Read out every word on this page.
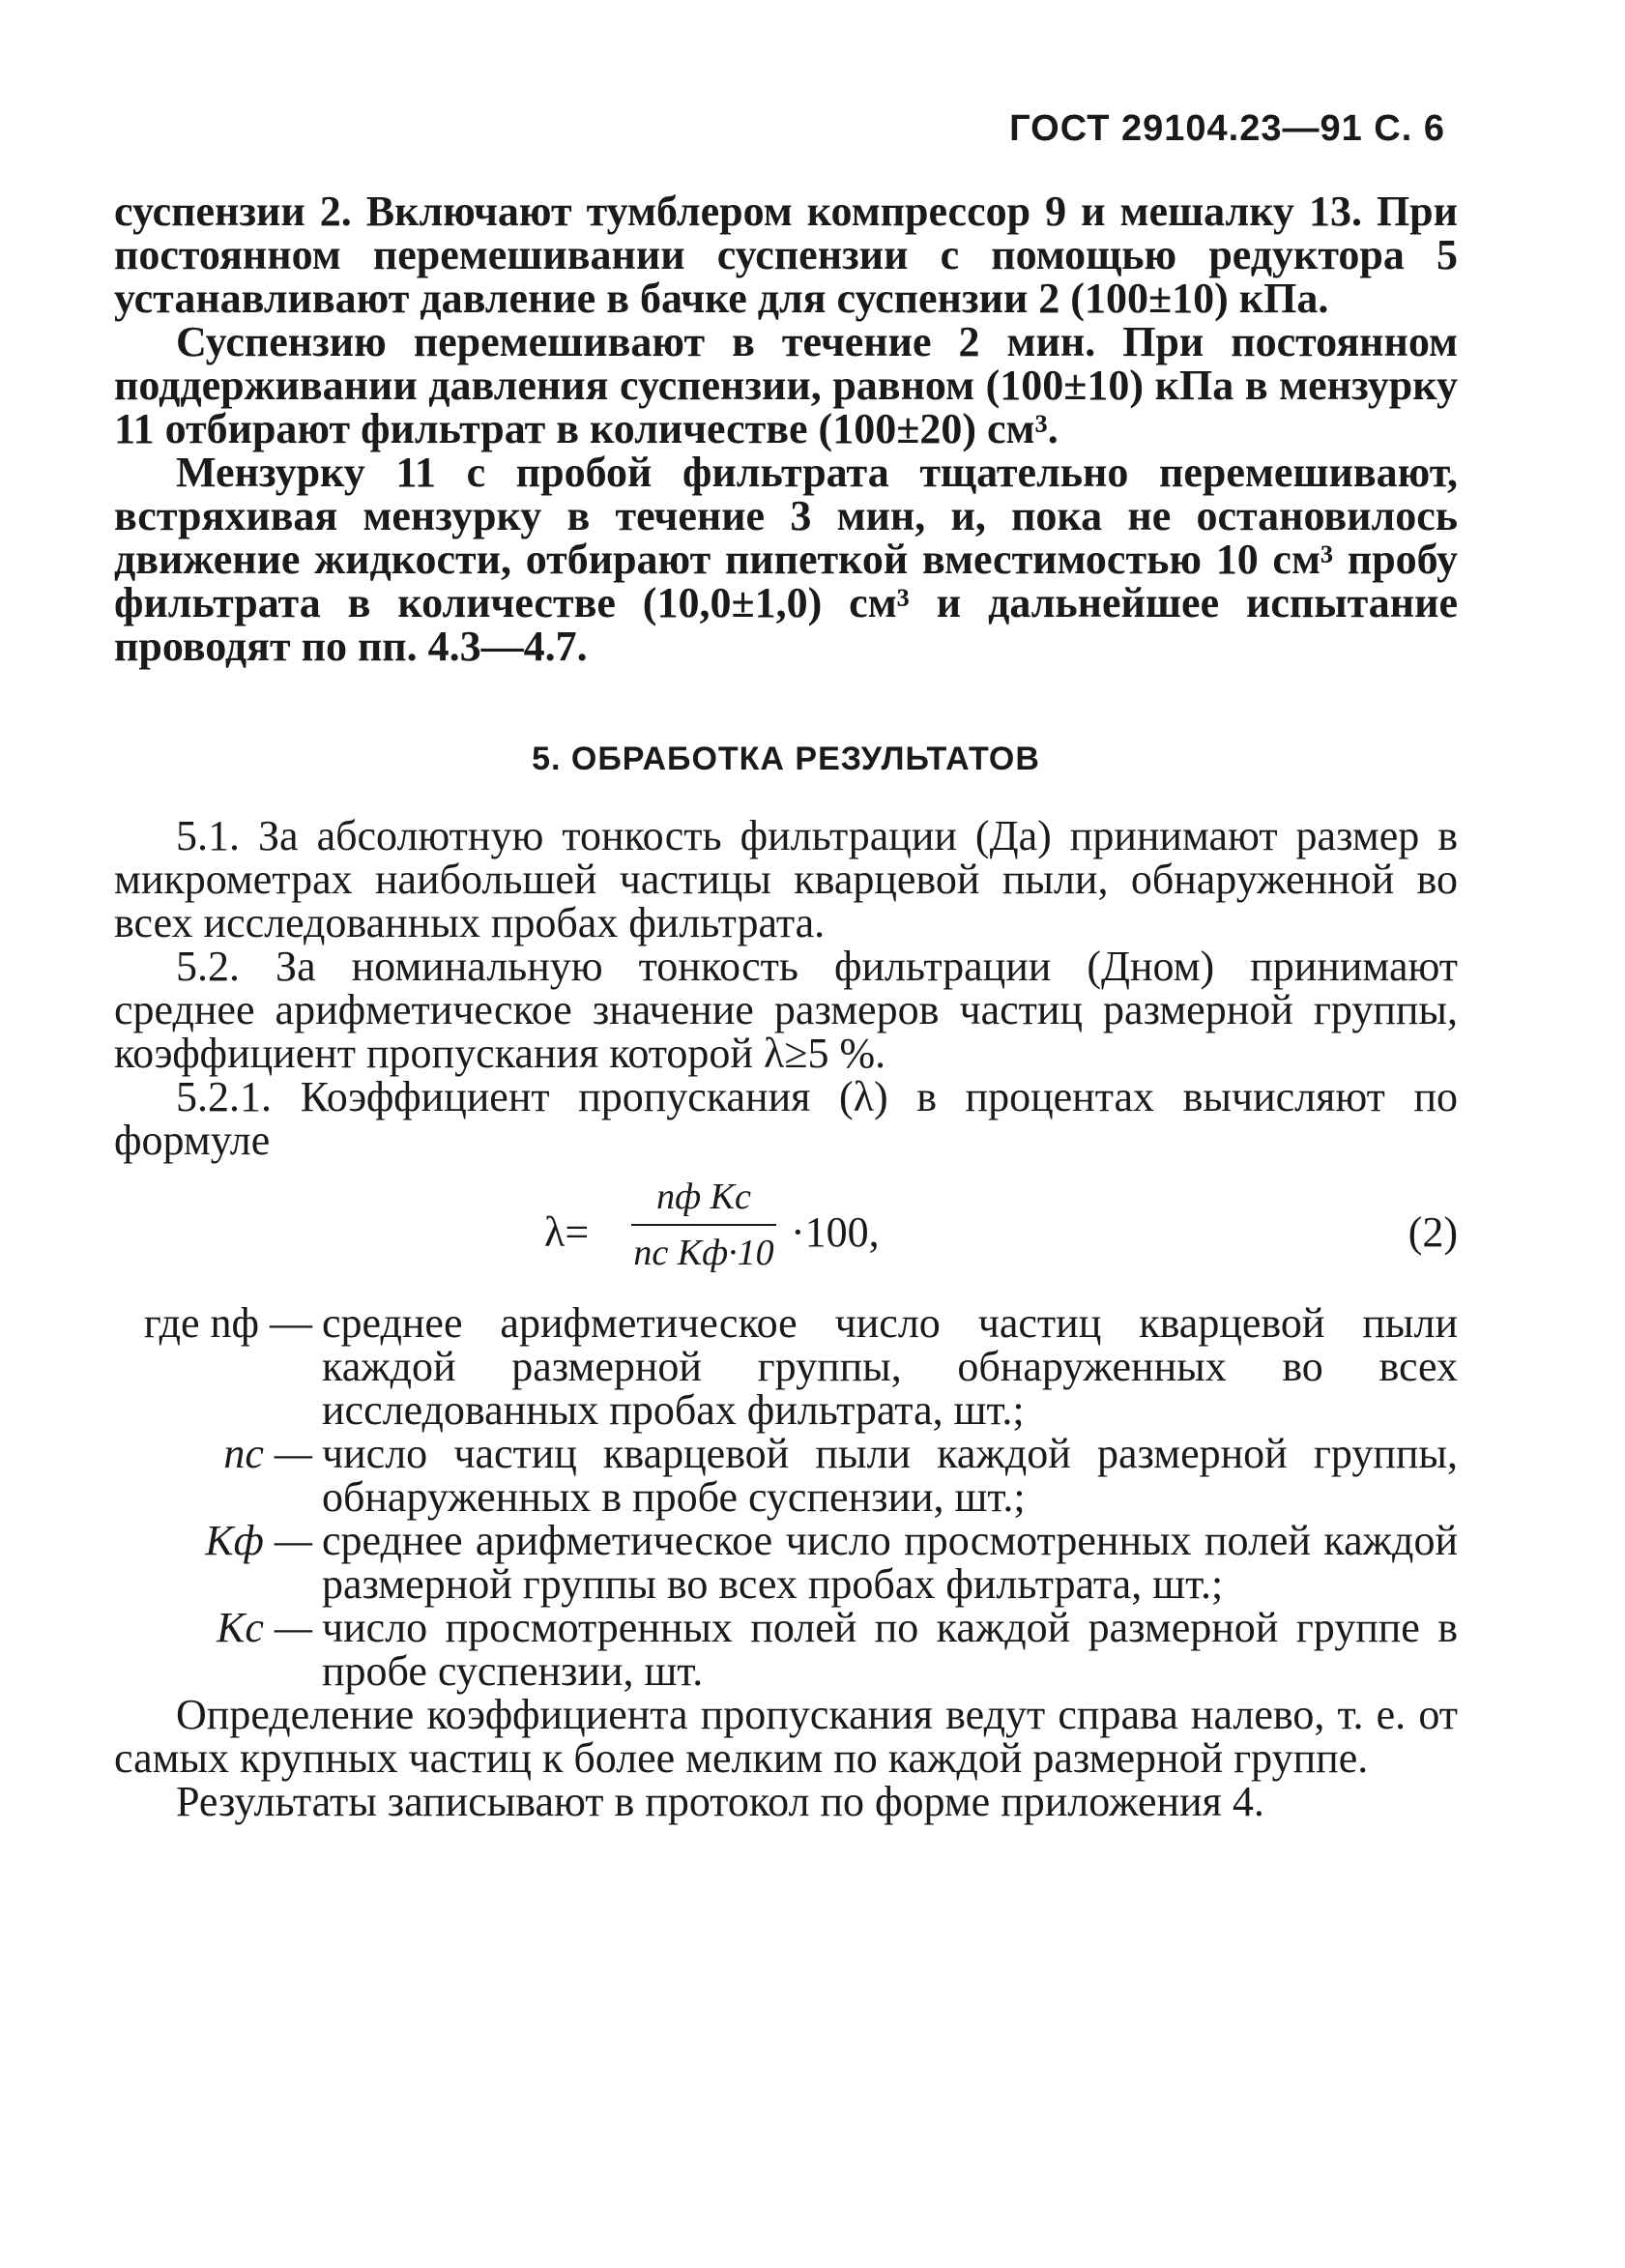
ГОСТ 29104.23—91 С. 6

суспензии 2. Включают тумблером компрессор 9 и мешалку 13. При постоянном перемешивании суспензии с помощью редуктора 5 устанавливают давление в бачке для суспензии 2 (100±10) кПа.

Суспензию перемешивают в течение 2 мин. При постоянном поддерживании давления суспензии, равном (100±10) кПа в мензурку 11 отбирают фильтрат в количестве (100±20) см³.

Мензурку 11 с пробой фильтрата тщательно перемешивают, встряхивая мензурку в течение 3 мин, и, пока не остановилось движение жидкости, отбирают пипеткой вместимостью 10 см³ пробу фильтрата в количестве (10,0±1,0) см³ и дальнейшее испытание проводят по пп. 4.3—4.7.

5. ОБРАБОТКА РЕЗУЛЬТАТОВ

5.1. За абсолютную тонкость фильтрации (Да) принимают размер в микрометрах наибольшей частицы кварцевой пыли, обнаруженной во всех исследованных пробах фильтрата.

5.2. За номинальную тонкость фильтрации (Дном) принимают среднее арифметическое значение размеров частиц размерной группы, коэффициент пропускания которой λ≥5 %.

5.2.1. Коэффициент пропускания (λ) в процентах вычисляют по формуле

λ=
nф Kс
nс Kф·10 ·100,	(2)
где nф — среднее арифметическое число частиц кварцевой пыли каждой размерной группы, обнаруженных во всех исследованных пробах фильтрата, шт.;
nс — число частиц кварцевой пыли каждой размерной группы, обнаруженных в пробе суспензии, шт.;
Kф — среднее арифметическое число просмотренных полей каждой размерной группы во всех пробах фильтрата, шт.;
Kс — число просмотренных полей по каждой размерной группе в пробе суспензии, шт.

Определение коэффициента пропускания ведут справа налево, т. е. от самых крупных частиц к более мелким по каждой размерной группе.

Результаты записывают в протокол по форме приложения 4.
